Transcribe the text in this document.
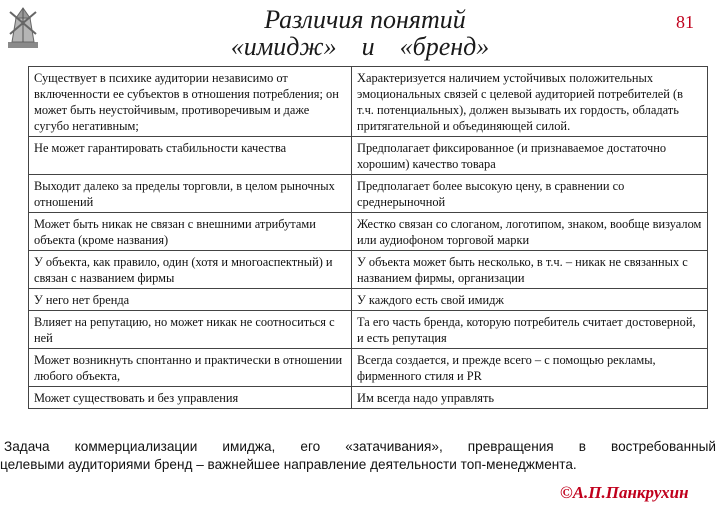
Различия понятий
«имидж» и «бренд»
81
Существует в психике аудитории независимо от включенности ее субъектов в отношения потребления; он может быть неустойчивым, противоречивым и даже сугубо негативным;	Характеризуется наличием устойчивых положительных эмоциональных связей с целевой аудиторией потребителей (в т.ч. потенциальных), должен вызывать их гордость, обладать притягательной и объединяющей силой.
Не может гарантировать стабильности качества	Предполагает фиксированное (и признаваемое достаточно хорошим) качество товара
Выходит далеко за пределы торговли, в целом рыночных отношений	Предполагает более высокую цену, в сравнении со среднерыночной
Может быть никак не связан с внешними атрибутами объекта (кроме названия)	Жестко связан со слоганом, логотипом, знаком, вообще визуалом или аудиофоном торговой марки
У объекта, как правило, один (хотя и многоаспектный) и связан с названием фирмы	У объекта может быть несколько, в т.ч. – никак не связанных с названием фирмы, организации
У него нет бренда	У каждого есть свой имидж
Влияет на репутацию, но может никак не соотноситься с ней	Та его часть бренда, которую потребитель считает достоверной, и есть репутация
Может возникнуть спонтанно и практически в отношении любого объекта,	Всегда создается, и прежде всего – с помощью рекламы, фирменного стиля и PR
Может существовать и без управления	Им всегда надо управлять
Задача коммерциализации имиджа, его «затачивания», превращения в востребованный
целевыми аудиториями бренд – важнейшее направление деятельности топ-менеджмента.
©А.П.Панкрухин
